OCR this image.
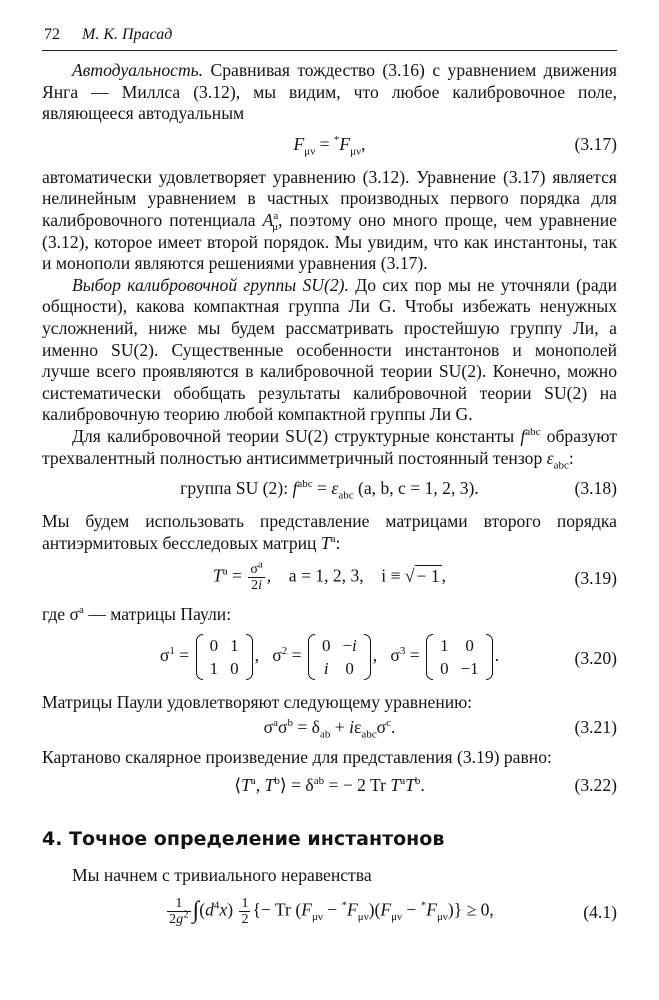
72 М. К. Прасад

Автодуальность. Сравнивая тождество (3.16) с уравнением движения Янга — Миллса (3.12), мы видим, что любое калибровочное поле, являющееся автодуальным

$F_{\mu\nu} = ^*F_{\mu\nu}$,	(3.17)

автоматически удовлетворяет уравнению (3.12). Уравнение (3.17) является нелинейным уравнением в частных производных первого порядка для калибровочного потенциала $A^a_\mu$, поэтому оно много проще, чем уравнение (3.12), которое имеет второй порядок. Мы увидим, что как инстантоны, так и монополи являются решениями уравнения (3.17).

Выбор калибровочной группы SU(2). До сих пор мы не уточняли (ради общности), какова компактная группа Ли G. Чтобы избежать ненужных усложнений, ниже мы будем рассматривать простейшую группу Ли, а именно SU(2). Существенные особенности инстантонов и монополей лучше всего проявляются в калибровочной теории SU(2). Конечно, можно систематически обобщать результаты калибровочной теории SU(2) на калибровочную теорию любой компактной группы Ли G.

Для калибровочной теории SU(2) структурные константы $f^{abc}$ образуют трехвалентный полностью антисимметричный постоянный тензор $\varepsilon_{abc}$:

группа SU (2): $f^{abc} = \varepsilon_{abc}$ (a, b, c = 1, 2, 3).	(3.18)

Мы будем использовать представление матрицами второго порядка антиэрмитовых бесследовых матриц $T^a$:

$T^a = \frac{\sigma^a}{2i}$ ,    a = 1, 2, 3, i ≡ √ − 1 ,	(3.19)

где $\sigma^a$ — матрицы Паули:

$\sigma^1 = 0$	1
1	0
,   $\sigma^2 = 0$	−i
i	0
,   $\sigma^3 = 1$	0
0	−1
.	(3.20)

Матрицы Паули удовлетворяют следующему уравнению:

$\sigma^a\sigma^b = \delta_{ab} + i\varepsilon_{abc}\sigma^c$.	(3.21)

Картаново скалярное произведение для представления (3.19) равно:

$⟨T^a$, $T^b⟩ = \delta^{ab}$ = − 2 Tr $T^aT^b$.	(3.22)
4. Точное определение инстантонов

Мы начнем с тривиального неравенства

$\frac{1}{2g^2} \int(d^4x) \frac{1}{2}$ {− Tr $(F_{\mu\nu} - ^*F_{\mu\nu})(F_{\mu\nu} - ^*F_{\mu\nu})\} \ge 0$,	(4.1)
